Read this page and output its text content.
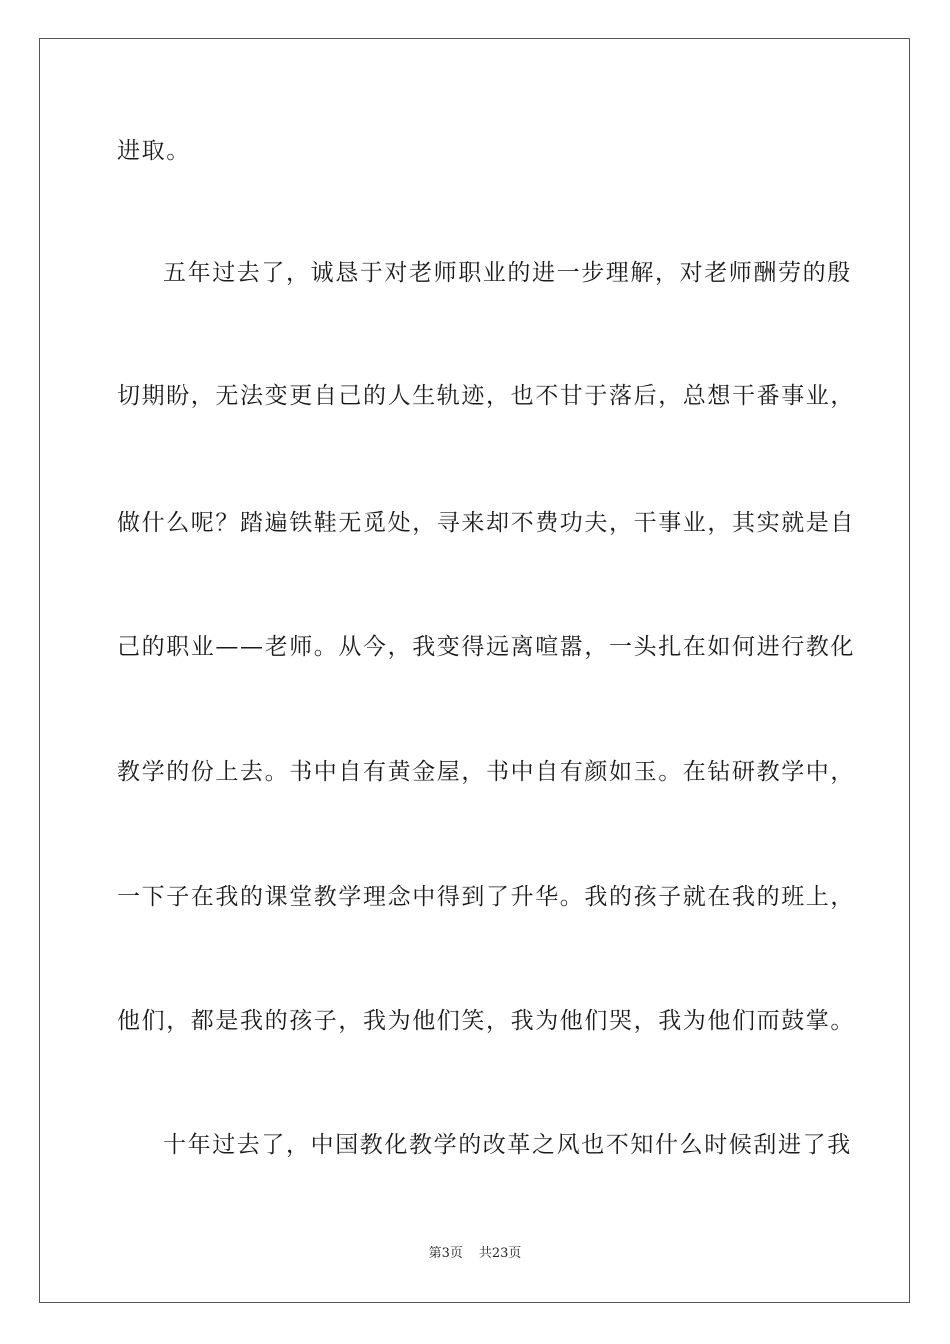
进取。
五年过去了，诚恳于对老师职业的进一步理解，对老师酬劳的殷
切期盼，无法变更自己的人生轨迹，也不甘于落后，总想干番事业，
做什么呢？踏遍铁鞋无觅处，寻来却不费功夫，干事业，其实就是自
己的职业——老师。从今，我变得远离喧嚣，一头扎在如何进行教化
教学的份上去。书中自有黄金屋，书中自有颜如玉。在钻研教学中，
一下子在我的课堂教学理念中得到了升华。我的孩子就在我的班上，
他们，都是我的孩子，我为他们笑，我为他们哭，我为他们而鼓掌。
十年过去了，中国教化教学的改革之风也不知什么时候刮进了我
第3页 共23页
